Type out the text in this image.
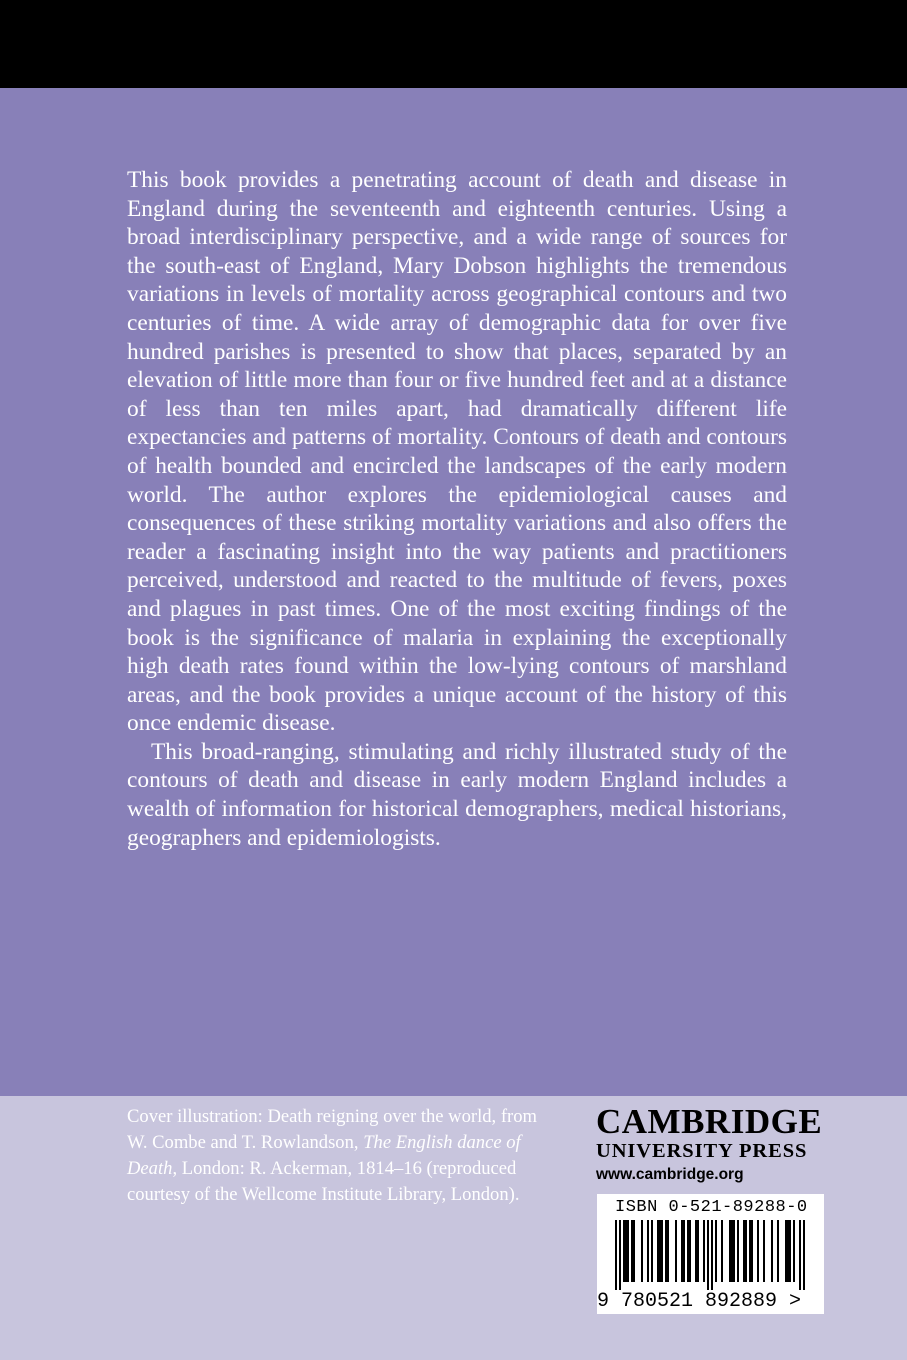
This book provides a penetrating account of death and disease in England during the seventeenth and eighteenth centuries. Using a broad interdisciplinary perspective, and a wide range of sources for the south-east of England, Mary Dobson highlights the tremendous variations in levels of mortality across geographical contours and two centuries of time. A wide array of demographic data for over five hundred parishes is presented to show that places, separated by an elevation of little more than four or five hundred feet and at a distance of less than ten miles apart, had dramatically different life expectancies and patterns of mortality. Contours of death and contours of health bounded and encircled the landscapes of the early modern world. The author explores the epidemiological causes and consequences of these striking mortality variations and also offers the reader a fascinating insight into the way patients and practitioners perceived, understood and reacted to the multitude of fevers, poxes and plagues in past times. One of the most exciting findings of the book is the significance of malaria in explaining the exceptionally high death rates found within the low-lying contours of marshland areas, and the book provides a unique account of the history of this once endemic disease.

This broad-ranging, stimulating and richly illustrated study of the contours of death and disease in early modern England includes a wealth of information for historical demographers, medical historians, geographers and epidemiologists.

Cover illustration: Death reigning over the world, from W. Combe and T. Rowlandson, The English dance of Death, London: R. Ackerman, 1814–16 (reproduced courtesy of the Wellcome Institute Library, London).
CAMBRIDGE
UNIVERSITY PRESS
www.cambridge.org
ISBN 0-521-89288-0
9 780521 892889 >
